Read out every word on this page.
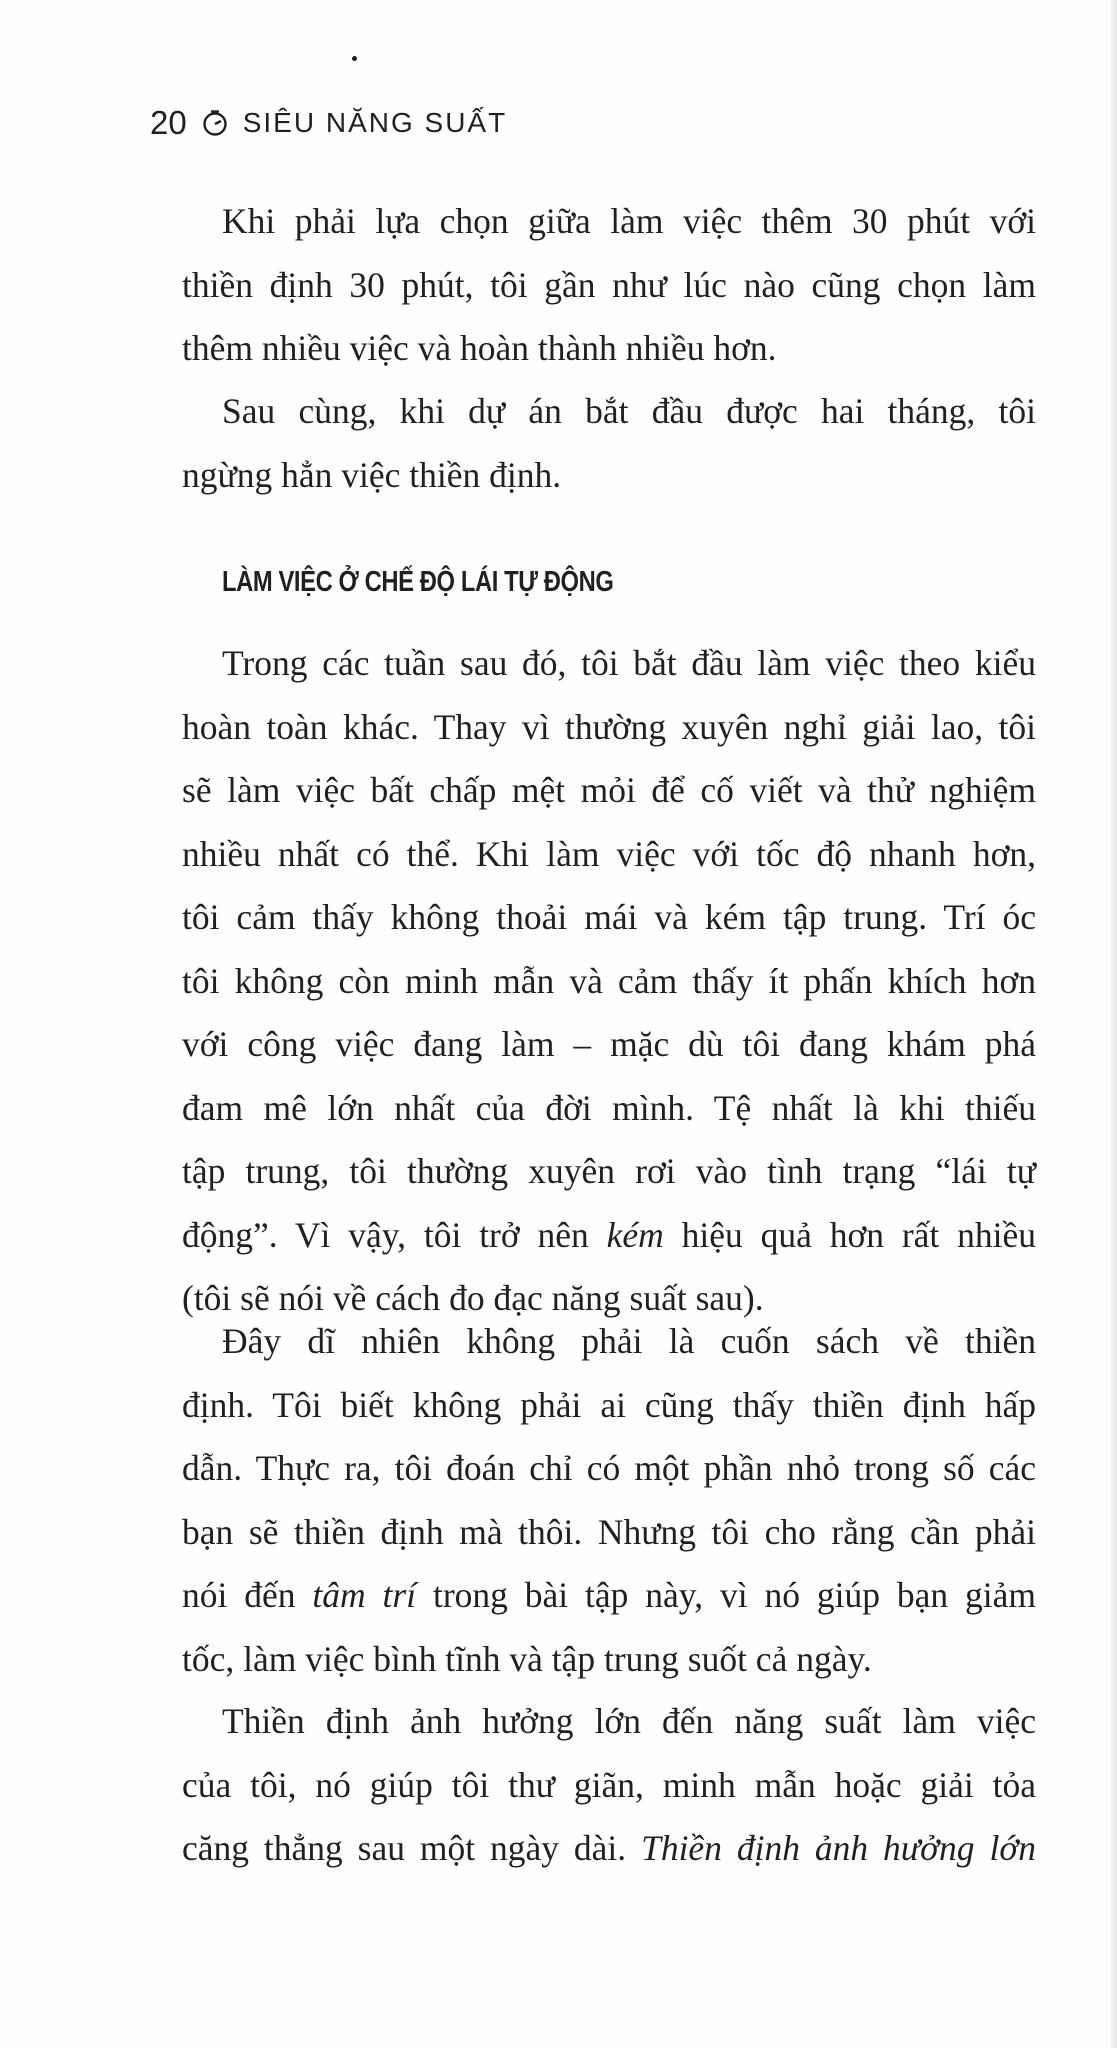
20 SIÊU NĂNG SUẤT
Khi phải lựa chọn giữa làm việc thêm 30 phút với
thiền định 30 phút, tôi gần như lúc nào cũng chọn làm
thêm nhiều việc và hoàn thành nhiều hơn.
Sau cùng, khi dự án bắt đầu được hai tháng, tôi
ngừng hẳn việc thiền định.
LÀM VIỆC Ở CHẾ ĐỘ LÁI TỰ ĐỘNG
Trong các tuần sau đó, tôi bắt đầu làm việc theo kiểu
hoàn toàn khác. Thay vì thường xuyên nghỉ giải lao, tôi
sẽ làm việc bất chấp mệt mỏi để cố viết và thử nghiệm
nhiều nhất có thể. Khi làm việc với tốc độ nhanh hơn,
tôi cảm thấy không thoải mái và kém tập trung. Trí óc
tôi không còn minh mẫn và cảm thấy ít phấn khích hơn
với công việc đang làm – mặc dù tôi đang khám phá
đam mê lớn nhất của đời mình. Tệ nhất là khi thiếu
tập trung, tôi thường xuyên rơi vào tình trạng “lái tự
động”. Vì vậy, tôi trở nên kém hiệu quả hơn rất nhiều
(tôi sẽ nói về cách đo đạc năng suất sau).
Đây dĩ nhiên không phải là cuốn sách về thiền
định. Tôi biết không phải ai cũng thấy thiền định hấp
dẫn. Thực ra, tôi đoán chỉ có một phần nhỏ trong số các
bạn sẽ thiền định mà thôi. Nhưng tôi cho rằng cần phải
nói đến tâm trí trong bài tập này, vì nó giúp bạn giảm
tốc, làm việc bình tĩnh và tập trung suốt cả ngày.
Thiền định ảnh hưởng lớn đến năng suất làm việc
của tôi, nó giúp tôi thư giãn, minh mẫn hoặc giải tỏa
căng thẳng sau một ngày dài. Thiền định ảnh hưởng lớn
